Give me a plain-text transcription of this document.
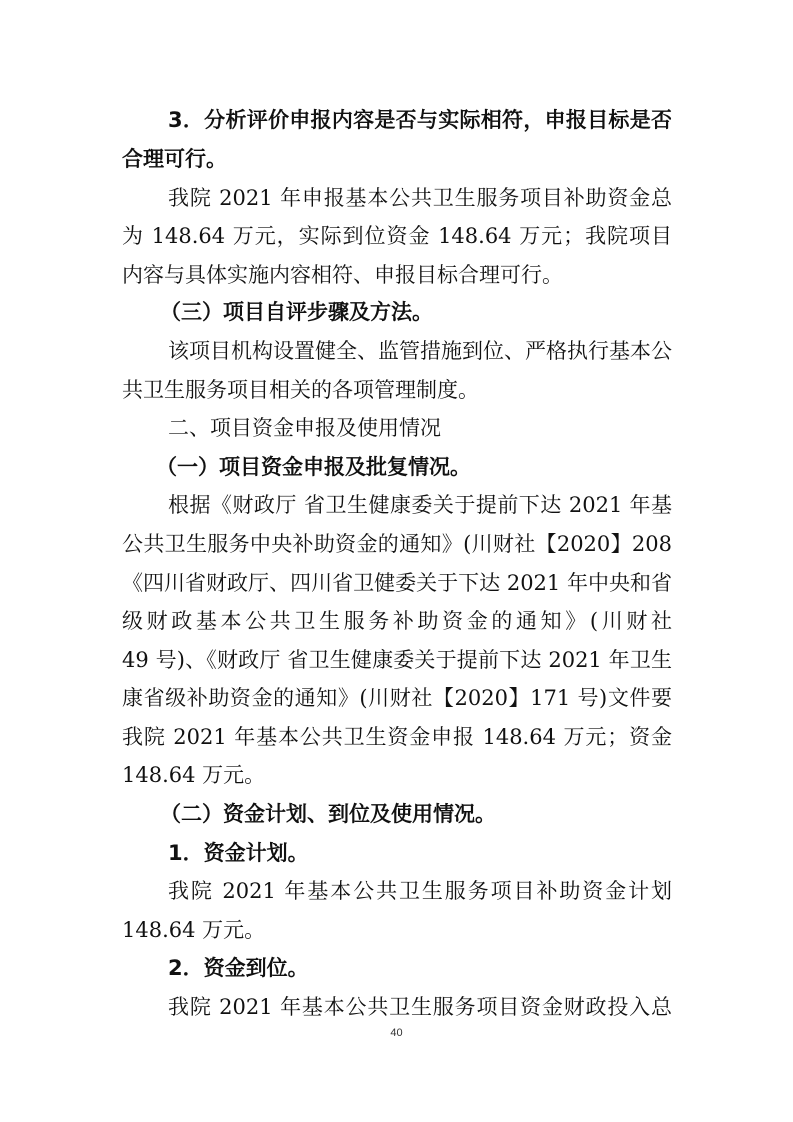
3．分析评价申报内容是否与实际相符，申报目标是否
合理可行。
我院 2021 年申报基本公共卫生服务项目补助资金总
为 148.64 万元，实际到位资金 148.64 万元；我院项目
内容与具体实施内容相符、申报目标合理可行。
（三）项目自评步骤及方法。
该项目机构设置健全、监管措施到位、严格执行基本公
共卫生服务项目相关的各项管理制度。
二、项目资金申报及使用情况
（一）项目资金申报及批复情况。
根据《财政厅 省卫生健康委关于提前下达 2021 年基
公共卫生服务中央补助资金的通知》(川财社【2020】208
《四川省财政厅、四川省卫健委关于下达 2021 年中央和省
级财政基本公共卫生服务补助资金的通知》(川财社
49 号)、《财政厅 省卫生健康委关于提前下达 2021 年卫生
康省级补助资金的通知》(川财社【2020】171 号)文件要
我院 2021 年基本公共卫生资金申报 148.64 万元；资金
148.64 万元。
（二）资金计划、到位及使用情况。
1．资金计划。
我院 2021 年基本公共卫生服务项目补助资金计划
148.64 万元。
2．资金到位。
我院 2021 年基本公共卫生服务项目资金财政投入总
40
